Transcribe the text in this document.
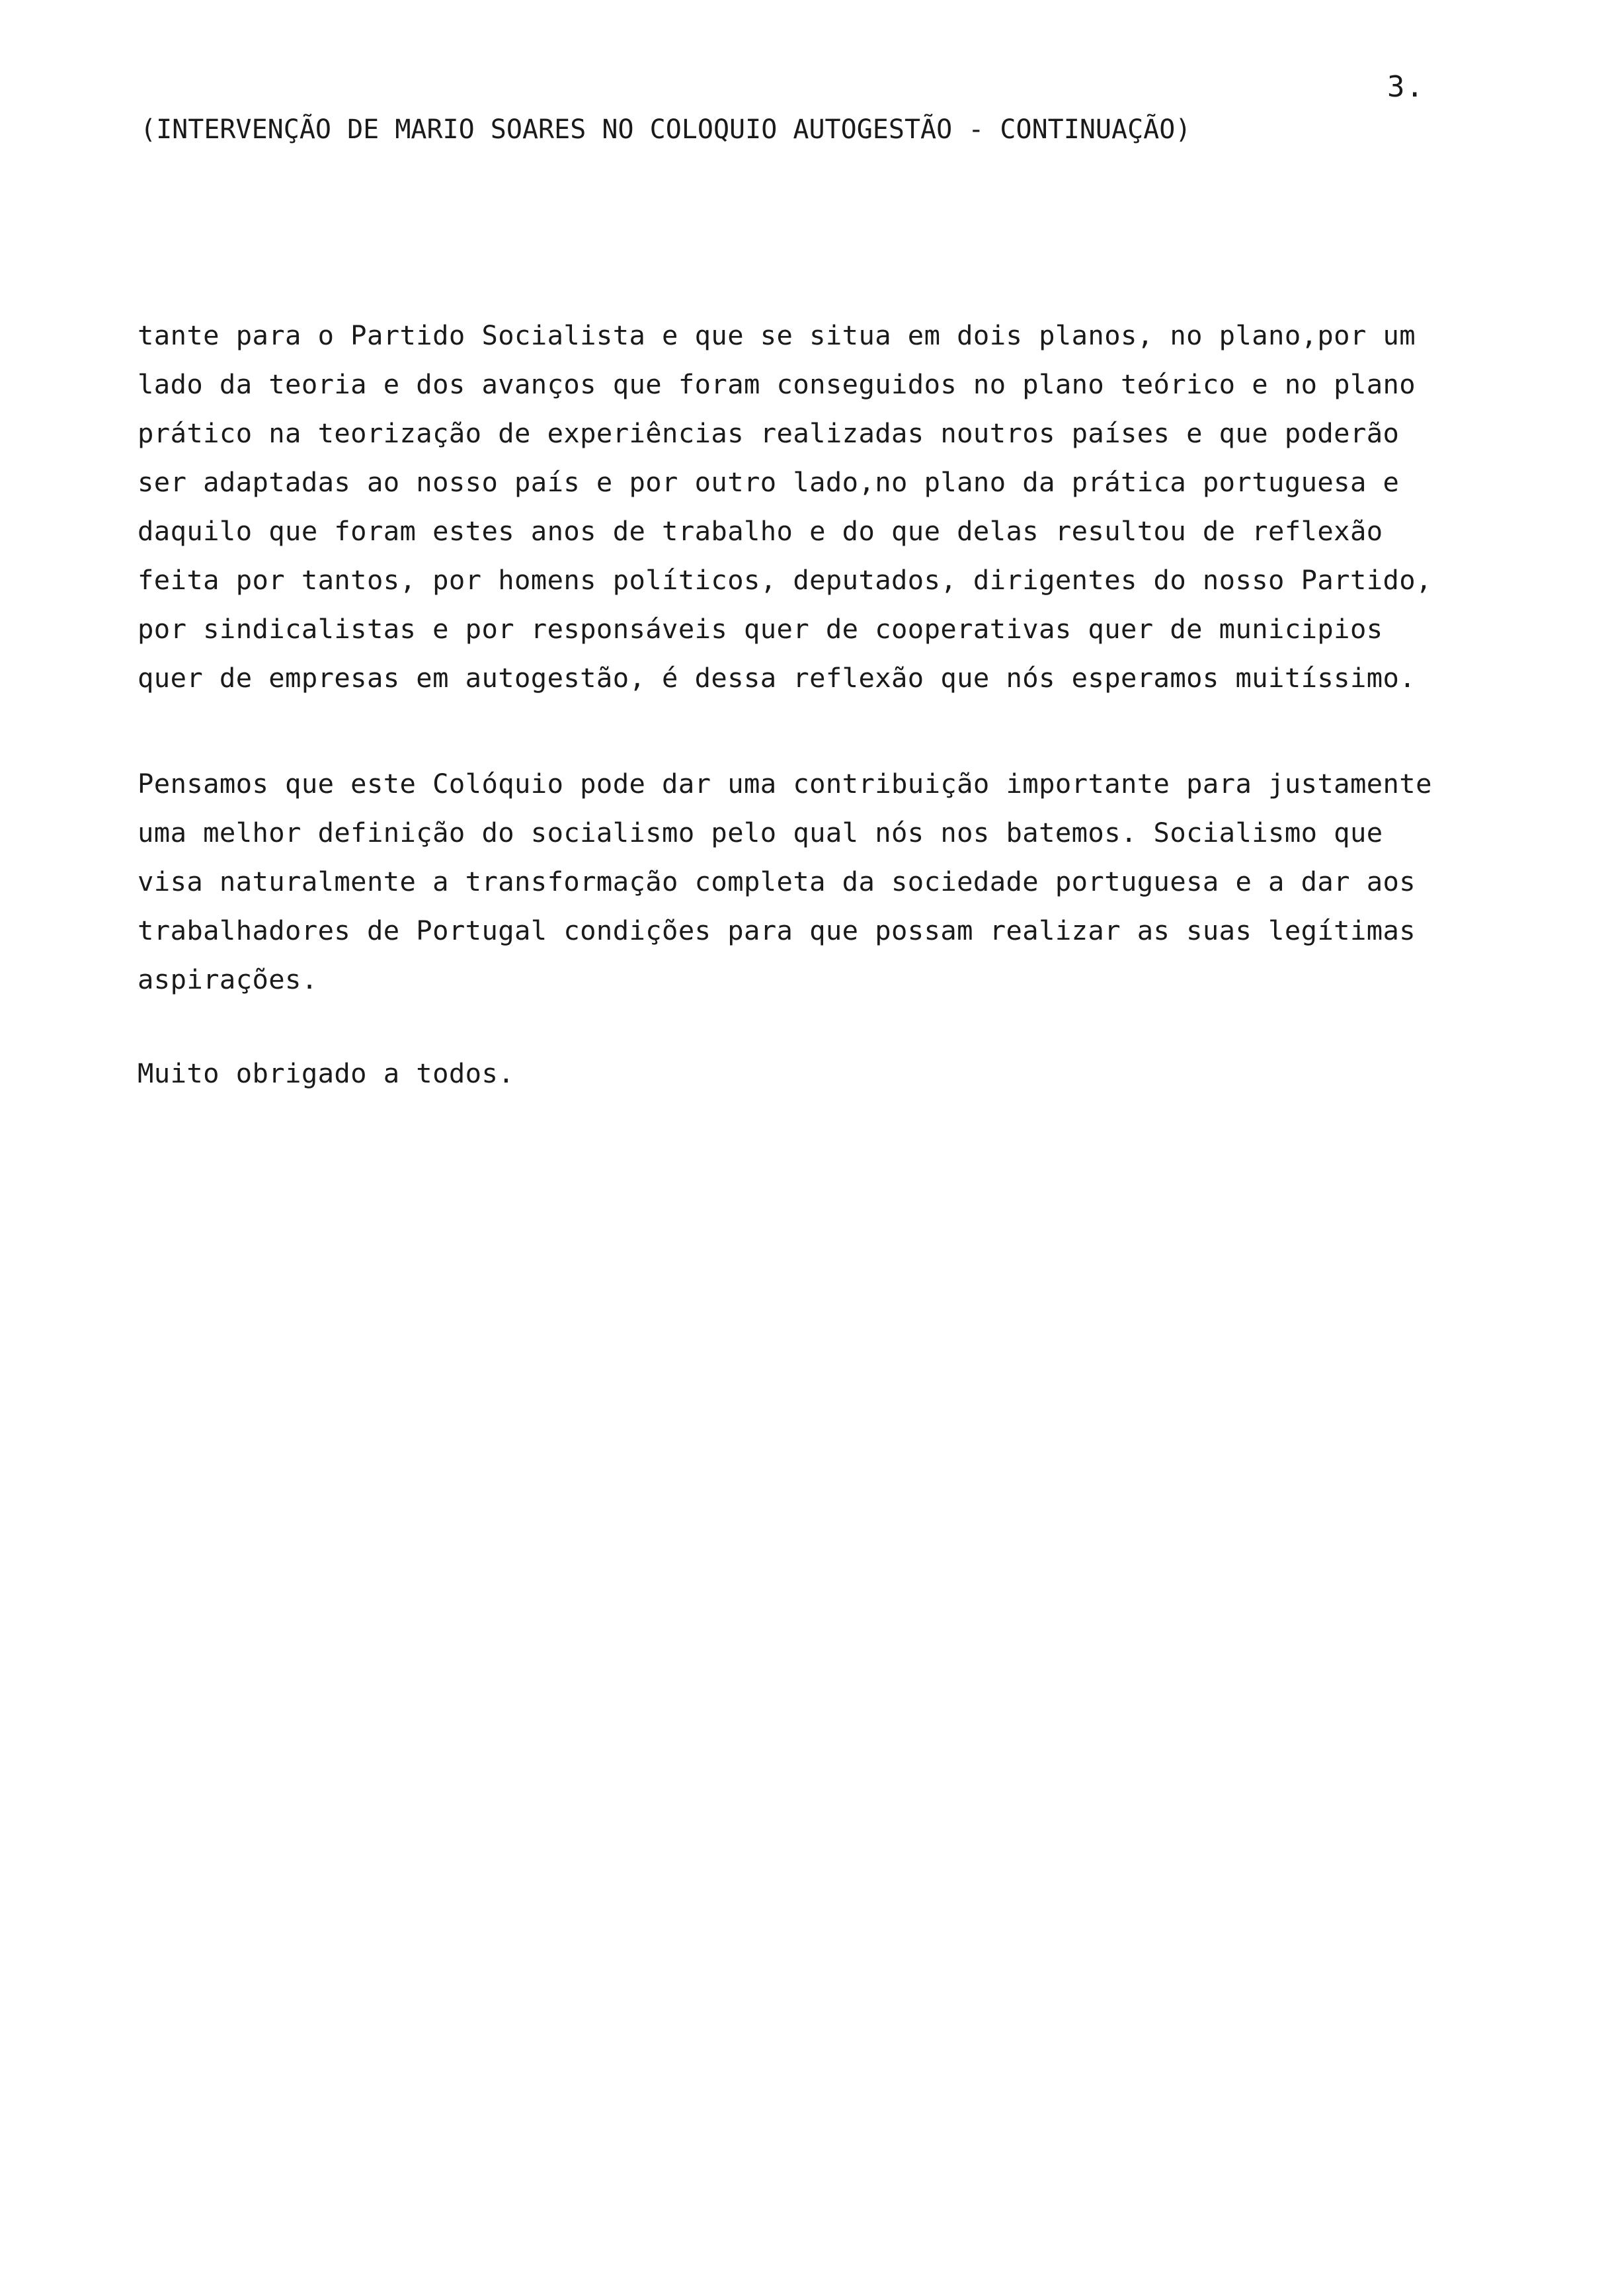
3.
(INTERVENÇÃO DE MARIO SOARES NO COLOQUIO AUTOGESTÃO - CONTINUAÇÃO)
tante para o Partido Socialista e que se situa em dois planos, no plano,por um
lado da teoria e dos avanços que foram conseguidos no plano teórico e no plano
prático na teorização de experiências realizadas noutros países e que poderão
ser adaptadas ao nosso país e por outro lado,no plano da prática portuguesa e
daquilo que foram estes anos de trabalho e do que delas resultou de reflexão
feita por tantos, por homens políticos, deputados, dirigentes do nosso Partido,
por sindicalistas e por responsáveis quer de cooperativas quer de municipios
quer de empresas em autogestão, é dessa reflexão que nós esperamos muitíssimo.
Pensamos que este Colóquio pode dar uma contribuição importante para justamente
uma melhor definição do socialismo pelo qual nós nos batemos. Socialismo que
visa naturalmente a transformação completa da sociedade portuguesa e a dar aos
trabalhadores de Portugal condições para que possam realizar as suas legítimas
aspirações.
Muito obrigado a todos.
